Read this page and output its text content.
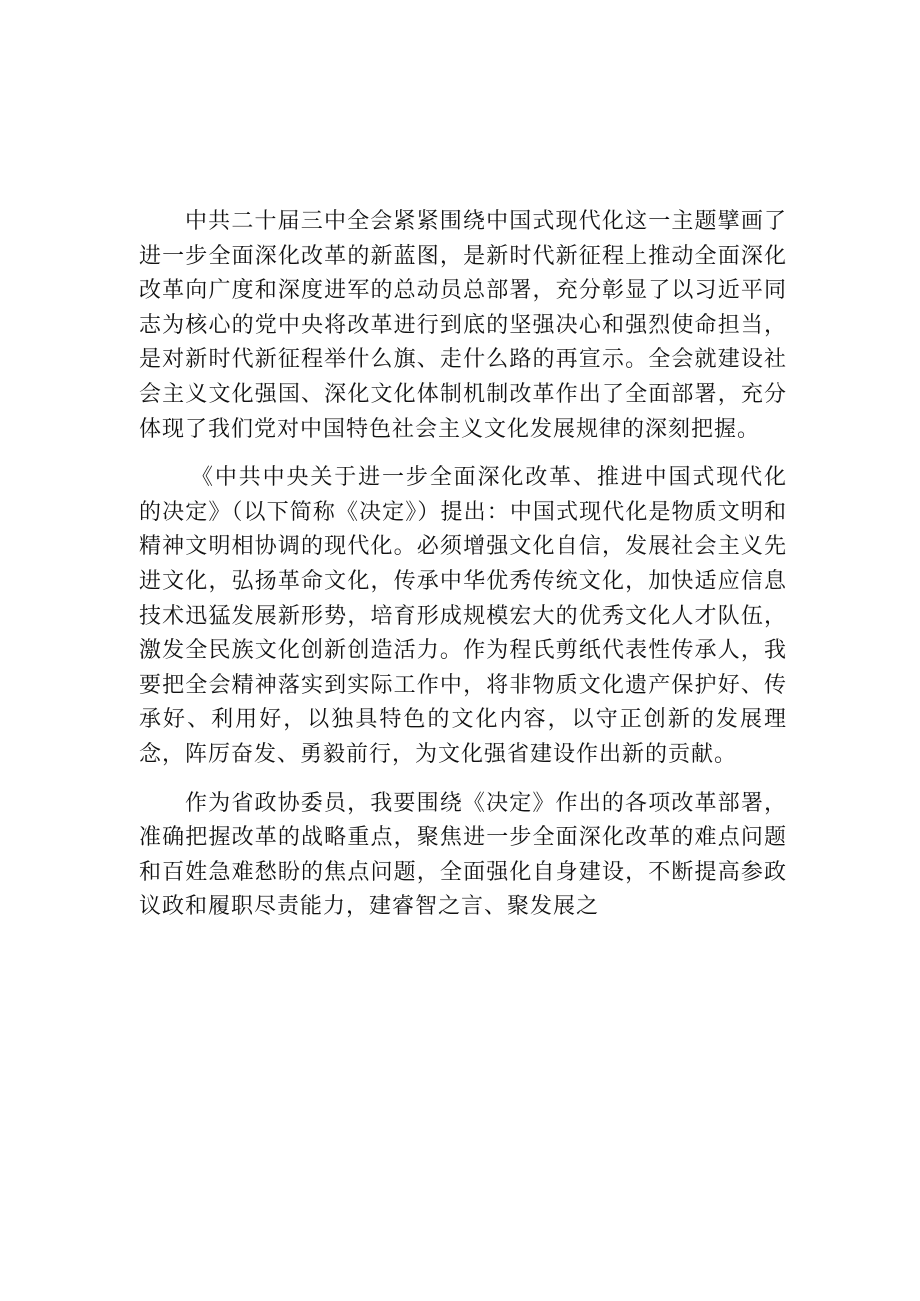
中共二十届三中全会紧紧围绕中国式现代化这一主题擘画了进一步全面深化改革的新蓝图，是新时代新征程上推动全面深化改革向广度和深度进军的总动员总部署，充分彰显了以习近平同志为核心的党中央将改革进行到底的坚强决心和强烈使命担当，是对新时代新征程举什么旗、走什么路的再宣示。全会就建设社会主义文化强国、深化文化体制机制改革作出了全面部署，充分体现了我们党对中国特色社会主义文化发展规律的深刻把握。

《中共中央关于进一步全面深化改革、推进中国式现代化的决定》（以下简称《决定》）提出：中国式现代化是物质文明和精神文明相协调的现代化。必须增强文化自信，发展社会主义先进文化，弘扬革命文化，传承中华优秀传统文化，加快适应信息技术迅猛发展新形势，培育形成规模宏大的优秀文化人才队伍，激发全民族文化创新创造活力。作为程氏剪纸代表性传承人，我要把全会精神落实到实际工作中，将非物质文化遗产保护好、传承好、利用好，以独具特色的文化内容，以守正创新的发展理念，阵厉奋发、勇毅前行，为文化强省建设作出新的贡献。

作为省政协委员，我要围绕《决定》作出的各项改革部署，准确把握改革的战略重点，聚焦进一步全面深化改革的难点问题和百姓急难愁盼的焦点问题，全面强化自身建设，不断提高参政议政和履职尽责能力，建睿智之言、聚发展之
